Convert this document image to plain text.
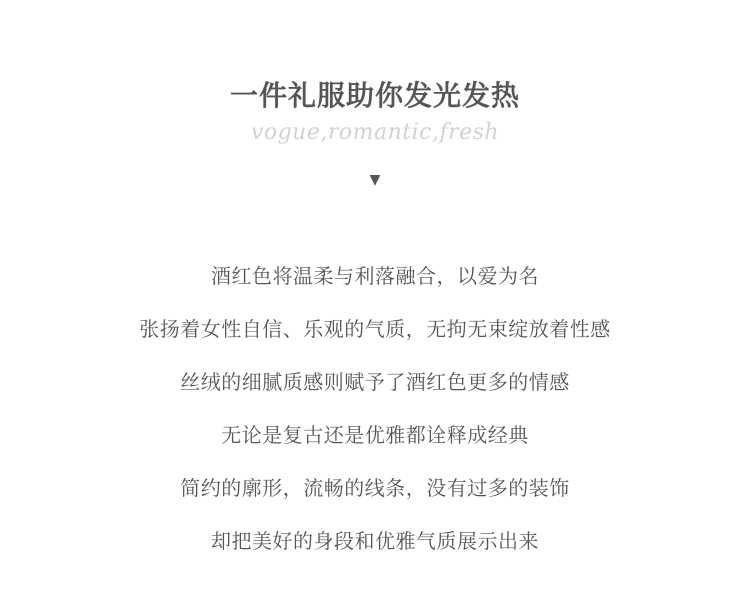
一件礼服助你发光发热
vogue,romantic,fresh
▼
酒红色将温柔与利落融合，以爱为名
张扬着女性自信、乐观的气质，无拘无束绽放着性感
丝绒的细腻质感则赋予了酒红色更多的情感
无论是复古还是优雅都诠释成经典
简约的廓形，流畅的线条，没有过多的装饰
却把美好的身段和优雅气质展示出来
